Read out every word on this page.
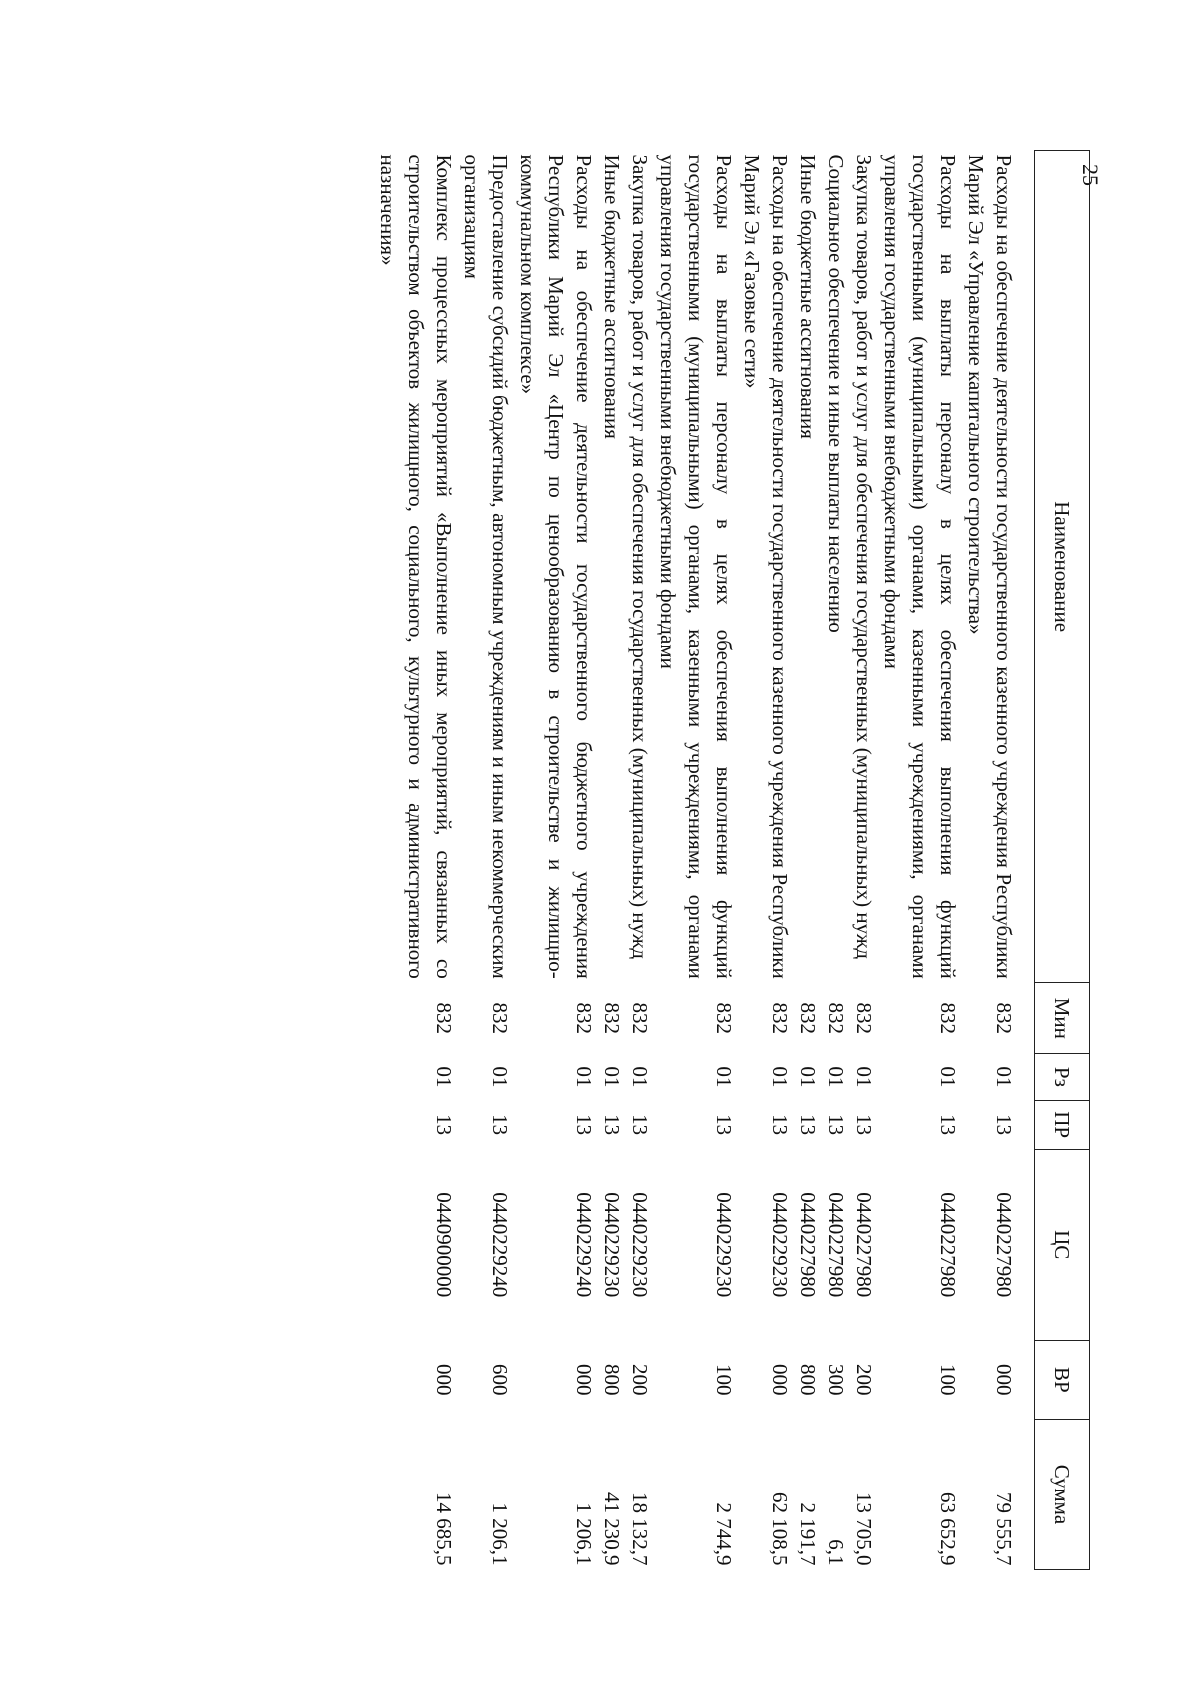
25
Наименование	Мин	Рз	ПР	ЦС	ВР	Сумма
Расходы на обеспечение деятельности государственного казенного учреждения Республики Марий Эл «Управление капитального строительства»	832	01	13	0440227980	000	79 555,7
Расходы на выплаты персоналу в целях обеспечения выполнения функций государственными (муниципальными) органами, казенными учреждениями, органами управления государственными внебюджетными фондами	832	01	13	0440227980	100	63 652,9
Закупка товаров, работ и услуг для обеспечения государственных (муниципальных) нужд	832	01	13	0440227980	200	13 705,0
Социальное обеспечение и иные выплаты населению	832	01	13	0440227980	300	6,1
Иные бюджетные ассигнования	832	01	13	0440227980	800	2 191,7
Расходы на обеспечение деятельности государственного казенного учреждения Республики Марий Эл «Газовые сети»	832	01	13	0440229230	000	62 108,5
Расходы на выплаты персоналу в целях обеспечения выполнения функций государственными (муниципальными) органами, казенными учреждениями, органами управления государственными внебюджетными фондами	832	01	13	0440229230	100	2 744,9
Закупка товаров, работ и услуг для обеспечения государственных (муниципальных) нужд	832	01	13	0440229230	200	18 132,7
Иные бюджетные ассигнования	832	01	13	0440229230	800	41 230,9
Расходы на обеспечение деятельности государственного бюджетного учреждения Республики Марий Эл «Центр по ценообразованию в строительстве и жилищно-коммунальном комплексе»	832	01	13	0440229240	000	1 206,1
Предоставление субсидий бюджетным, автономным учреждениям и иным некоммерческим организациям	832	01	13	0440229240	600	1 206,1
Комплекс процессных мероприятий «Выполнение иных мероприятий, связанных со строительством объектов жилищного, социального, культурного и административного назначения»	832	01	13	0440900000	000	14 685,5
